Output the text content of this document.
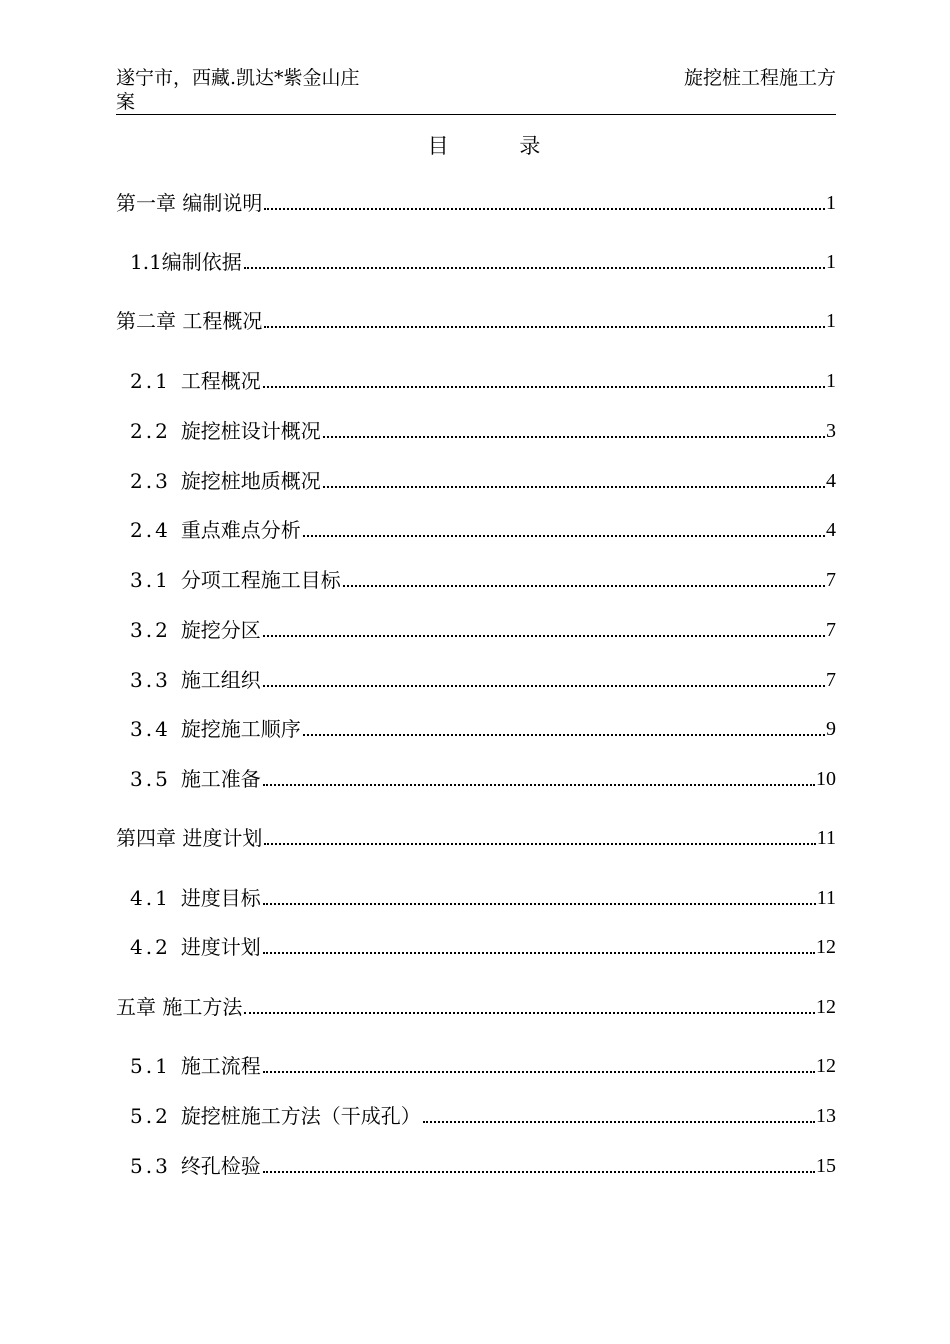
遂宁市，西藏.凯达*紫金山庄案
旋挖桩工程施工方
目 录
第一章 编制说明	1
1.1编制依据	1
第二章 工程概况	1
2.1 工程概况	1
2.2 旋挖桩设计概况	3
2.3 旋挖桩地质概况	4
2.4 重点难点分析	4
3.1 分项工程施工目标	7
3.2 旋挖分区	7
3.3 施工组织	7
3.4 旋挖施工顺序	9
3.5 施工准备	10
第四章 进度计划	11
4.1 进度目标	11
4.2 进度计划	12
五章 施工方法	12
5.1 施工流程	12
5.2 旋挖桩施工方法（干成孔）	13
5.3 终孔检验	15
